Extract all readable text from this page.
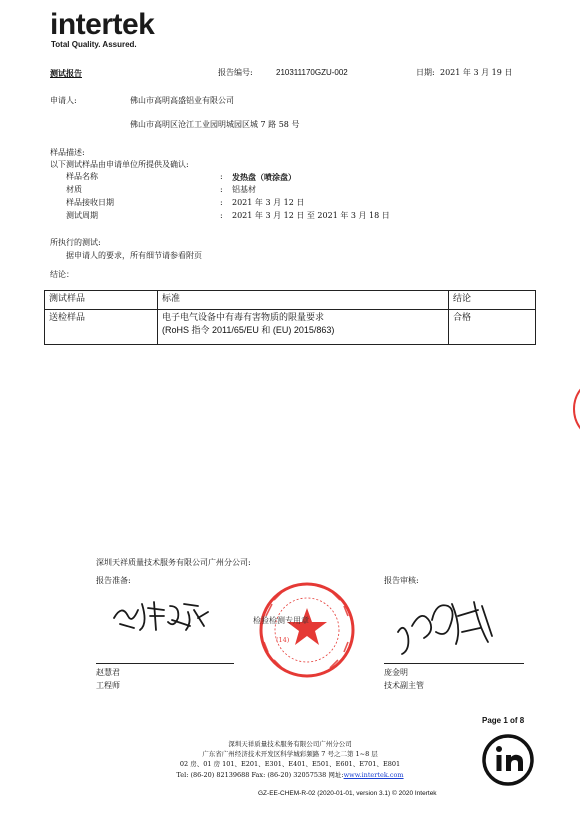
intertek
Total Quality. Assured.
测试报告	报告编号:	210311170GZU-002	日期: 2021 年 3 月 19 日
申请人:	佛山市高明高盛铝业有限公司
佛山市高明区沧江工业园明城园区城 7 路 58 号
样品描述:
以下测试样品由申请单位所提供及确认:
样品名称	: 发热盘（喷涂盘）
材质	: 铝基材
样品接收日期	: 2021 年 3 月 12 日
测试周期	: 2021 年 3 月 12 日 至 2021 年 3 月 18 日
所执行的测试:
据申请人的要求，所有细节请参看附页
结论：
测试样品	标准	结论
送检样品	电子电气设备中有毒有害物质的限量要求
(RoHS 指令 2011/65/EU 和 (EU) 2015/863)	合格
深圳天祥质量技术服务有限公司广州分公司:
报告准备:	报告审核:
(14)
检验检测专用章
赵慧君
工程师
庞金明
技术副主管
Page 1 of 8
深圳天祥质量技术服务有限公司广州分公司
广东省广州经济技术开发区科学城彩频路 7 号之二第 1~8 层
02 房、01 房 101、E201、E301、E401、E501、E601、E701、E801
Tel: (86-20) 82139688 Fax: (86-20) 32057538 网址:www.intertek.com
GZ-EE-CHEM-R-02 (2020-01-01, version 3.1) © 2020 Intertek
